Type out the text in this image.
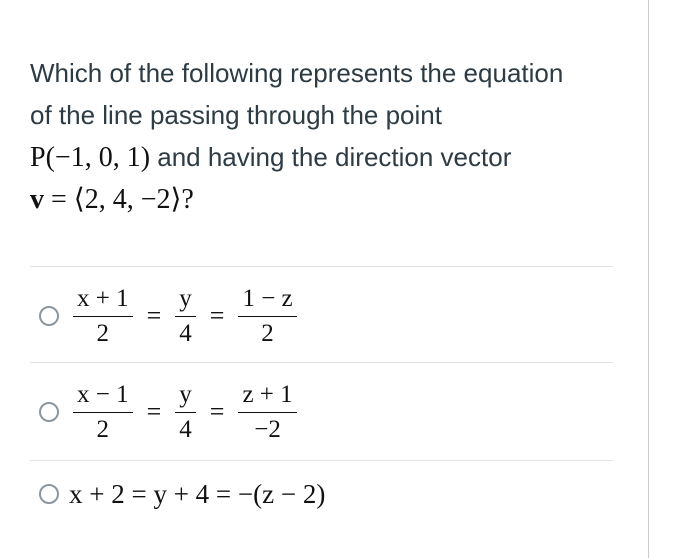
Which of the following represents the equation
of the line passing through the point
P(−1, 0, 1) and having the direction vector
v = ⟨2, 4, −2⟩?
$\frac{x + 1}{2} = \frac{y}{4} = \frac{1 - z}{2}$
$\frac{x - 1}{2} = \frac{y}{4} = \frac{z + 1}{-2}$
x + 2 = y + 4 = −(z − 2)
